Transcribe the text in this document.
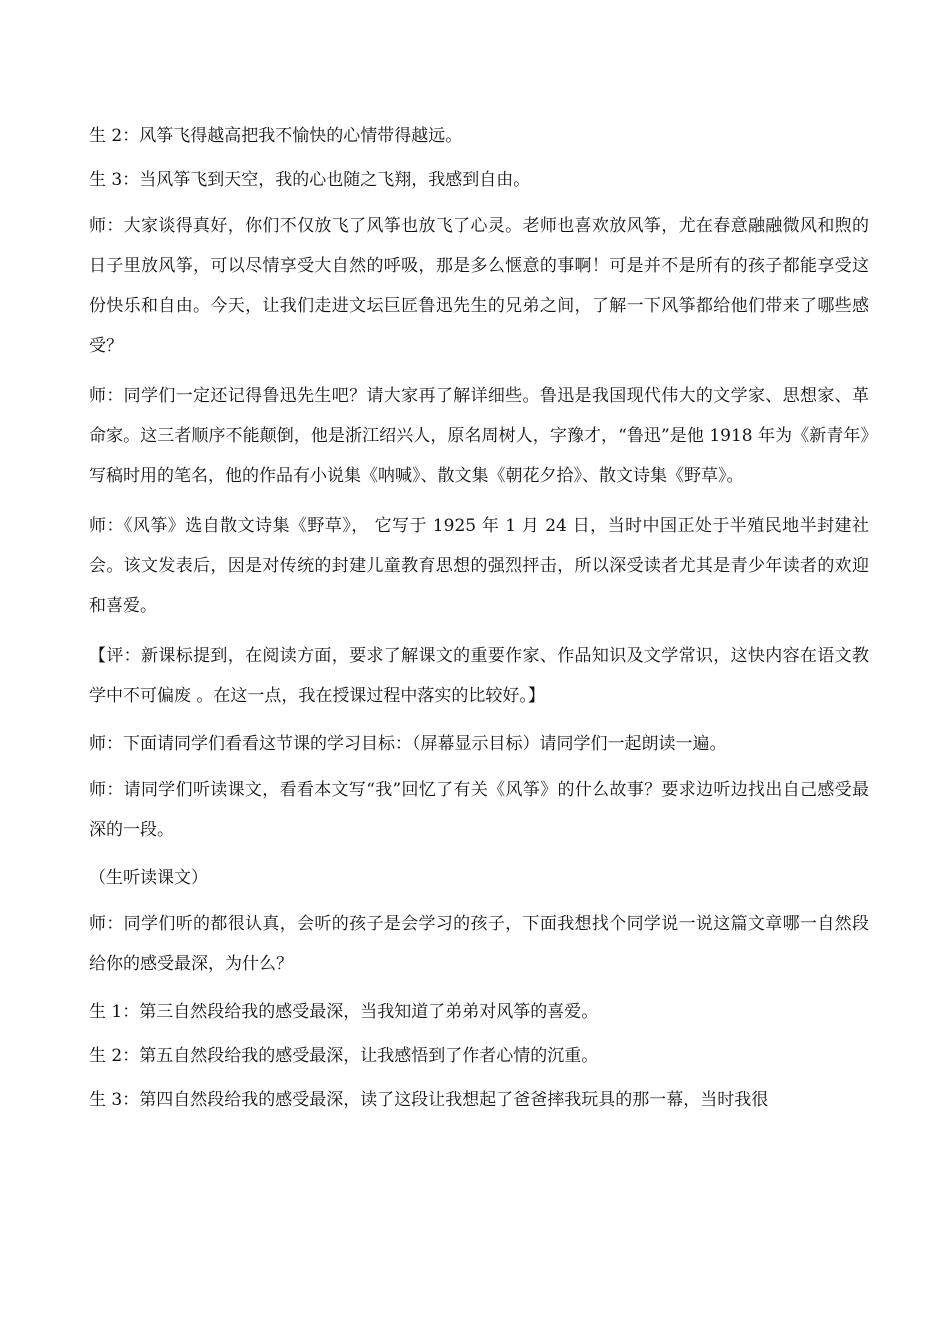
生 2：风筝飞得越高把我不愉快的心情带得越远。

生 3：当风筝飞到天空，我的心也随之飞翔，我感到自由。

师：大家谈得真好，你们不仅放飞了风筝也放飞了心灵。老师也喜欢放风筝，尤在春意融融微风和煦的日子里放风筝，可以尽情享受大自然的呼吸，那是多么惬意的事啊！可是并不是所有的孩子都能享受这份快乐和自由。今天，让我们走进文坛巨匠鲁迅先生的兄弟之间，了解一下风筝都给他们带来了哪些感受？

师：同学们一定还记得鲁迅先生吧？请大家再了解详细些。鲁迅是我国现代伟大的文学家、思想家、革命家。这三者顺序不能颠倒，他是浙江绍兴人，原名周树人，字豫才，“鲁迅”是他 1918 年为《新青年》写稿时用的笔名，他的作品有小说集《呐喊》、散文集《朝花夕拾》、散文诗集《野草》。

师：《风筝》选自散文诗集《野草》， 它写于 1925 年 1 月 24 日，当时中国正处于半殖民地半封建社会。该文发表后，因是对传统的封建儿童教育思想的强烈抨击，所以深受读者尤其是青少年读者的欢迎和喜爱。

【评：新课标提到，在阅读方面，要求了解课文的重要作家、作品知识及文学常识，这快内容在语文教学中不可偏废 。在这一点，我在授课过程中落实的比较好。】

师：下面请同学们看看这节课的学习目标：（屏幕显示目标）请同学们一起朗读一遍。

师：请同学们听读课文，看看本文写“我”回忆了有关《风筝》的什么故事？要求边听边找出自己感受最深的一段。

（生听读课文）

师：同学们听的都很认真，会听的孩子是会学习的孩子，下面我想找个同学说一说这篇文章哪一自然段给你的感受最深，为什么？

生 1：第三自然段给我的感受最深，当我知道了弟弟对风筝的喜爱。

生 2：第五自然段给我的感受最深，让我感悟到了作者心情的沉重。

生 3：第四自然段给我的感受最深，读了这段让我想起了爸爸摔我玩具的那一幕，当时我很
